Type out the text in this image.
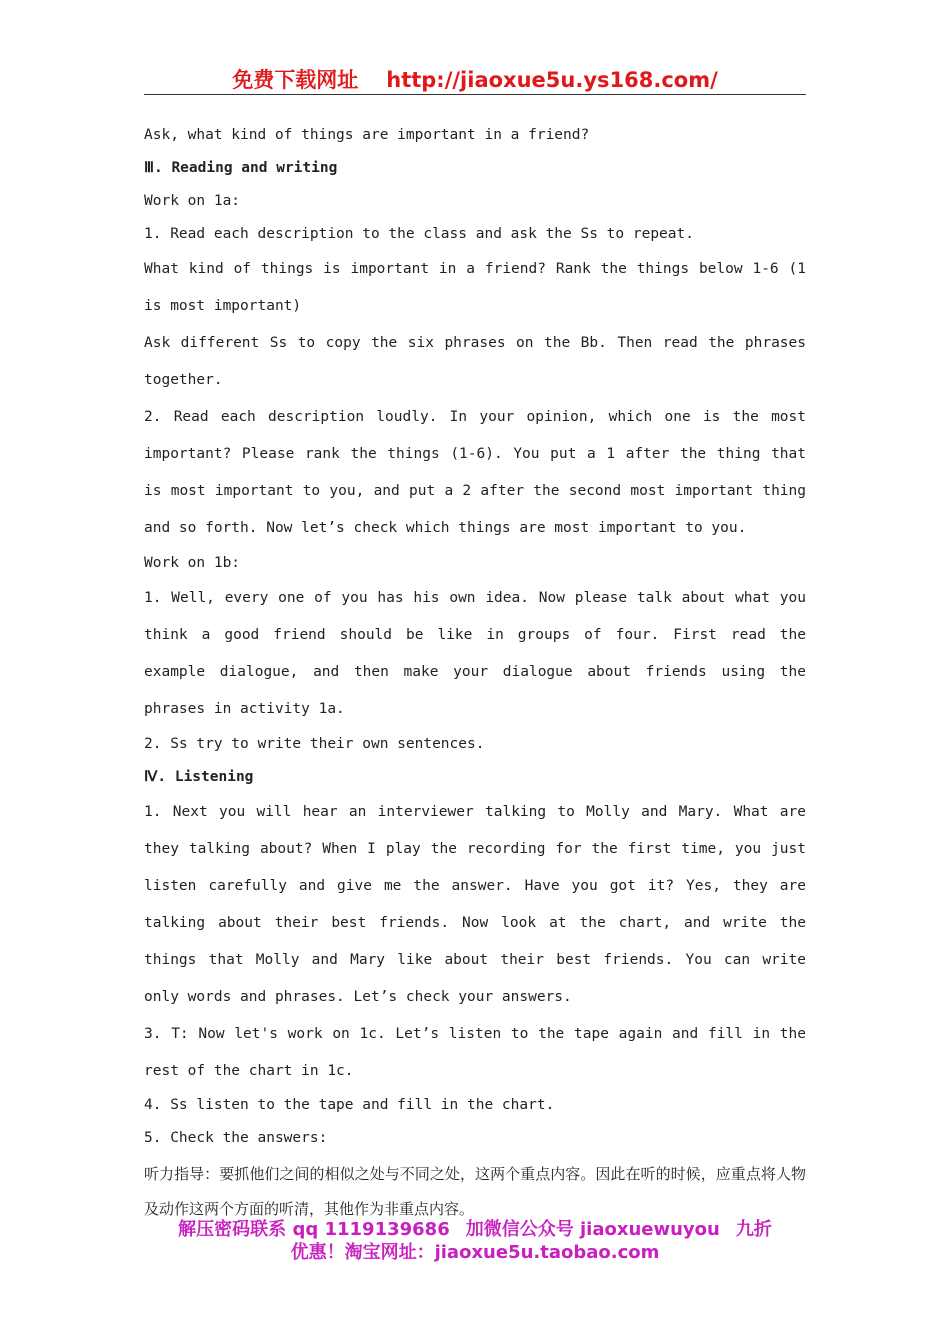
免费下载网址 http://jiaoxue5u.ys168.com/

Ask, what kind of things are important in a friend?

Ⅲ. Reading and writing

Work on 1a:

1. Read each description to the class and ask the Ss to repeat.

What kind of things is important in a friend? Rank the things below 1-6 (1 is most important)

Ask different Ss to copy the six phrases on the Bb. Then read the phrases together.

2. Read each description loudly. In your opinion, which one is the most important? Please rank the things (1-6). You put a 1 after the thing that is most important to you, and put a 2 after the second most important thing and so forth. Now let’s check which things are most important to you.

Work on 1b:

1. Well, every one of you has his own idea. Now please talk about what you think a good friend should be like in groups of four. First read the example dialogue, and then make your dialogue about friends using the phrases in activity 1a.

2. Ss try to write their own sentences.

Ⅳ. Listening

1. Next you will hear an interviewer talking to Molly and Mary. What are they talking about? When I play the recording for the first time, you just listen carefully and give me the answer. Have you got it? Yes, they are talking about their best friends. Now look at the chart, and write the things that Molly and Mary like about their best friends. You can write only words and phrases. Let’s check your answers.

3. T: Now let's work on 1c. Let’s listen to the tape again and fill in the rest of the chart in 1c.

4. Ss listen to the tape and fill in the chart.

5. Check the answers:

听力指导：要抓他们之间的相似之处与不同之处，这两个重点内容。因此在听的时候，应重点将人物及动作这两个方面的听清，其他作为非重点内容。

解压密码联系 qq 1119139686 加微信公众号 jiaoxuewuyou 九折
优惠！淘宝网址：jiaoxue5u.taobao.com
